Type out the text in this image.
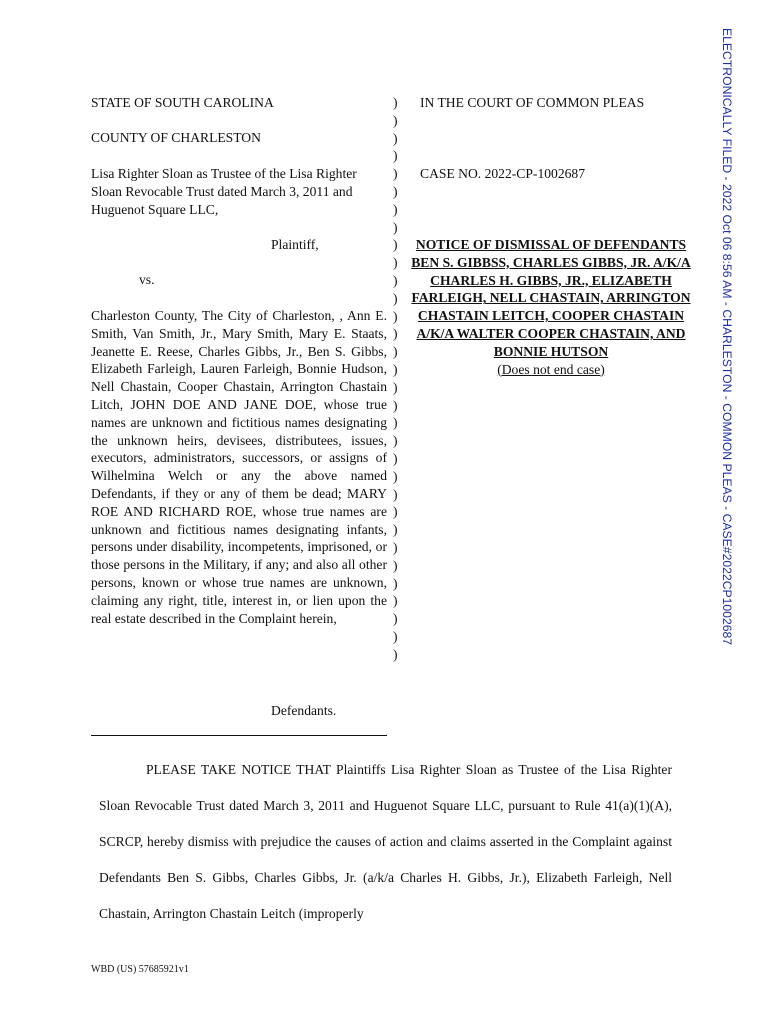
ELECTRONICALLY FILED - 2022 Oct 06 8:56 AM - CHARLESTON - COMMON PLEAS - CASE#2022CP1002687
STATE OF SOUTH CAROLINA
COUNTY OF CHARLESTON
Lisa Righter Sloan as Trustee of the Lisa Righter Sloan Revocable Trust dated March 3, 2011 and Huguenot Square LLC,
Plaintiff,
vs.
Charleston County, The City of Charleston, , Ann E. Smith, Van Smith, Jr., Mary Smith, Mary E. Staats, Jeanette E. Reese, Charles Gibbs, Jr., Ben S. Gibbs, Elizabeth Farleigh, Lauren Farleigh, Bonnie Hudson, Nell Chastain, Cooper Chastain, Arrington Chastain Litch, JOHN DOE AND JANE DOE, whose true names are unknown and fictitious names designating the unknown heirs, devisees, distributees, issues, executors, administrators, successors, or assigns of Wilhelmina Welch or any the above named Defendants, if they or any of them be dead; MARY ROE AND RICHARD ROE, whose true names are unknown and fictitious names designating infants, persons under disability, incompetents, imprisoned, or those persons in the Military, if any; and also all other persons, known or whose true names are unknown, claiming any right, title, interest in, or lien upon the real estate described in the Complaint herein,
Defendants.
)
)
)
)
)
)
)
)
)
)
)
)
)
)
)
)
)
)
)
)
)
)
)
)
)
)
)
)
)
)
)
)
IN THE COURT OF COMMON PLEAS
CASE NO. 2022-CP-1002687
NOTICE OF DISMISSAL OF DEFENDANTS BEN S. GIBBSS, CHARLES GIBBS, JR. A/K/A CHARLES H. GIBBS, JR., ELIZABETH FARLEIGH, NELL CHASTAIN, ARRINGTON CHASTAIN LEITCH, COOPER CHASTAIN A/K/A WALTER COOPER CHASTAIN, AND BONNIE HUTSON
(Does not end case)

PLEASE TAKE NOTICE THAT Plaintiffs Lisa Righter Sloan as Trustee of the Lisa Righter Sloan Revocable Trust dated March 3, 2011 and Huguenot Square LLC, pursuant to Rule 41(a)(1)(A), SCRCP, hereby dismiss with prejudice the causes of action and claims asserted in the Complaint against Defendants Ben S. Gibbs, Charles Gibbs, Jr. (a/k/a Charles H. Gibbs, Jr.), Elizabeth Farleigh, Nell Chastain, Arrington Chastain Leitch (improperly

WBD (US) 57685921v1
